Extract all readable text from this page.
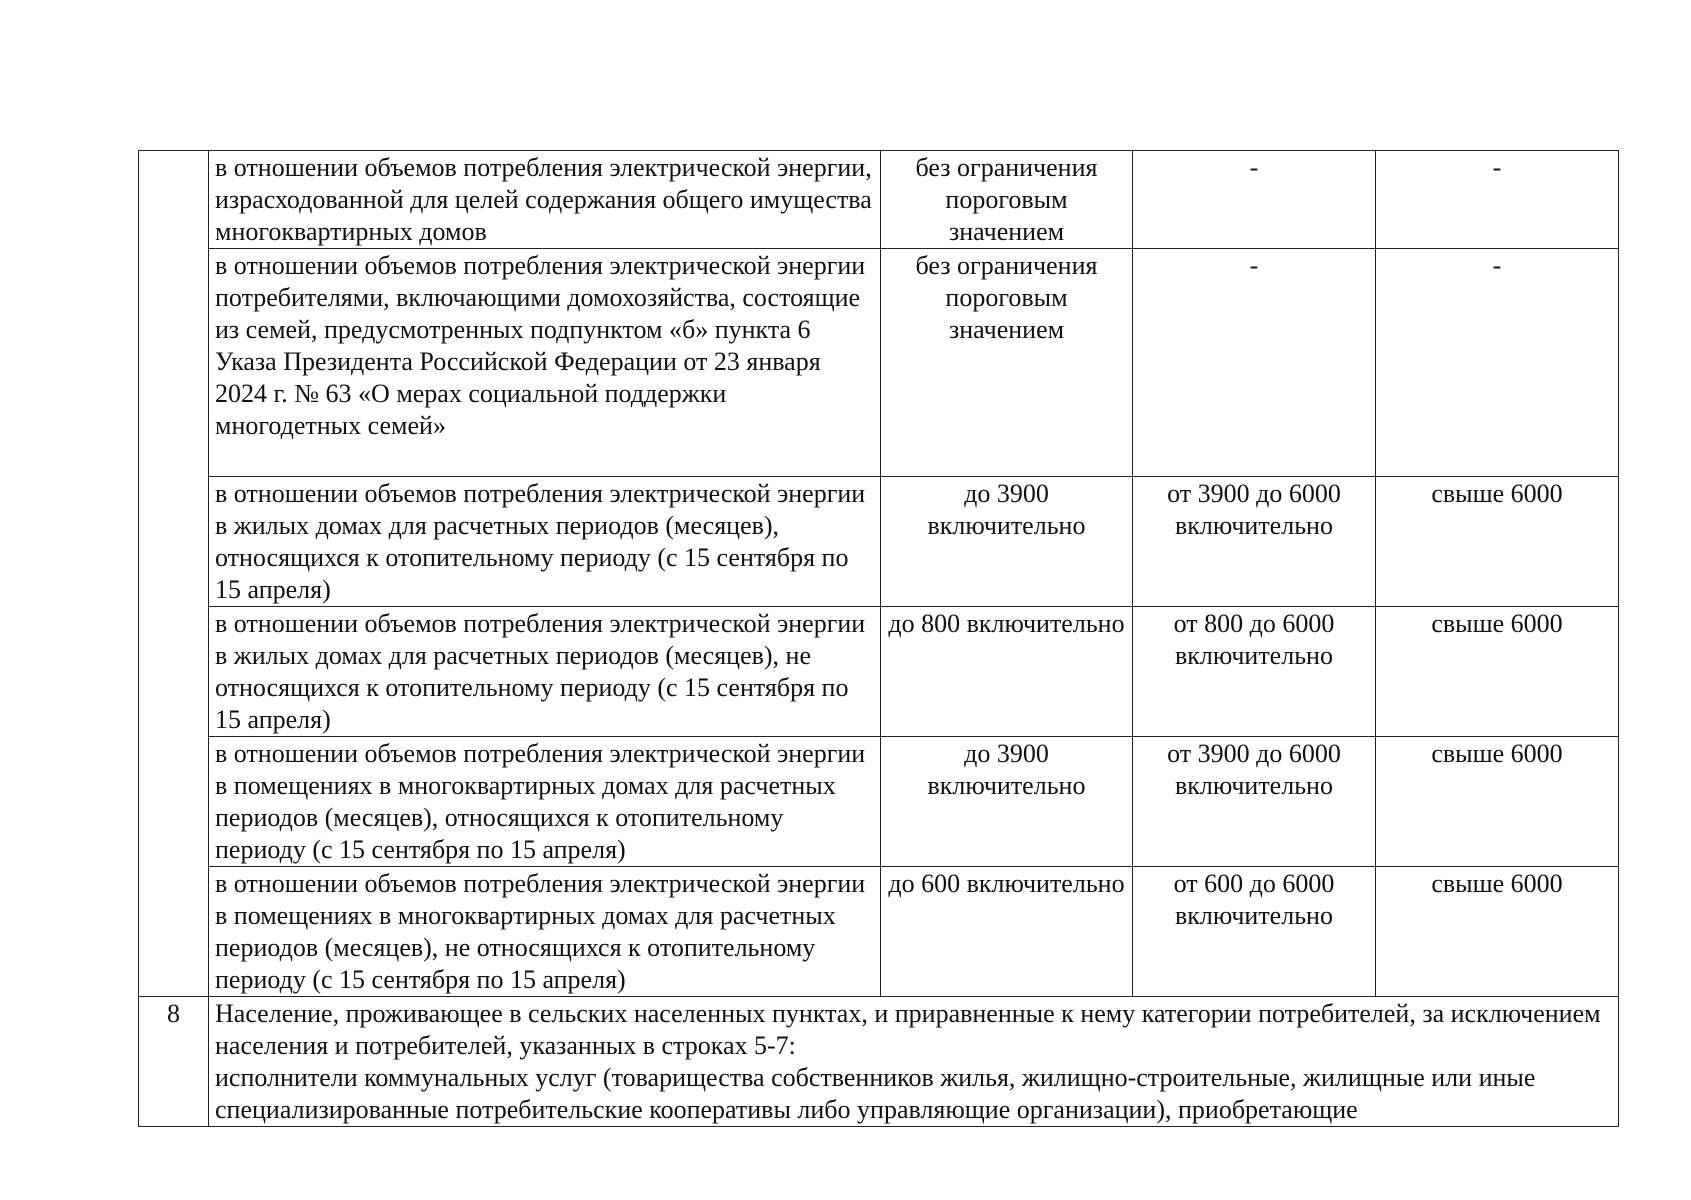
	в отношении объемов потребления электрической энергии, израсходованной для целей содержания общего имущества многоквартирных домов	без ограничения пороговым значением	-	-
	в отношении объемов потребления электрической энергии потребителями, включающими домохозяйства, состоящие из семей, предусмотренных подпунктом «б» пункта 6 Указа Президента Российской Федерации от 23 января 2024 г. № 63 «О мерах социальной поддержки многодетных семей»	без ограничения пороговым значением	-	-
	в отношении объемов потребления электрической энергии в жилых домах для расчетных периодов (месяцев), относящихся к отопительному периоду (с 15 сентября по 15 апреля)	до 3900 включительно	от 3900 до 6000 включительно	свыше 6000
	в отношении объемов потребления электрической энергии в жилых домах для расчетных периодов (месяцев), не относящихся к отопительному периоду (с 15 сентября по 15 апреля)	до 800 включительно	от 800 до 6000 включительно	свыше 6000
	в отношении объемов потребления электрической энергии в помещениях в многоквартирных домах для расчетных периодов (месяцев), относящихся к отопительному периоду (с 15 сентября по 15 апреля)	до 3900 включительно	от 3900 до 6000 включительно	свыше 6000
	в отношении объемов потребления электрической энергии в помещениях в многоквартирных домах для расчетных периодов (месяцев), не относящихся к отопительному периоду (с 15 сентября по 15 апреля)	до 600 включительно	от 600 до 6000 включительно	свыше 6000
8	Население, проживающее в сельских населенных пунктах, и приравненные к нему категории потребителей, за исключением населения и потребителей, указанных в строках 5-7:
исполнители коммунальных услуг (товарищества собственников жилья, жилищно-строительные, жилищные или иные специализированные потребительские кооперативы либо управляющие организации), приобретающие			
